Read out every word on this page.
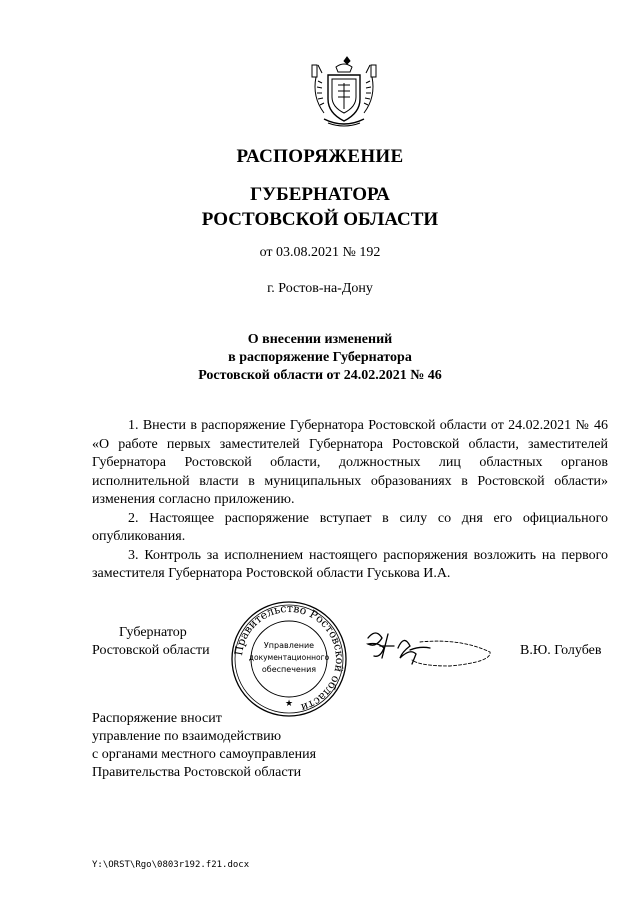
РАСПОРЯЖЕНИЕ
ГУБЕРНАТОРА
РОСТОВСКОЙ ОБЛАСТИ
от 03.08.2021 № 192
г. Ростов-на-Дону
О внесении изменений
в распоряжение Губернатора
Ростовской области от 24.02.2021 № 46

1. Внести в распоряжение Губернатора Ростовской области от 24.02.2021 № 46 «О работе первых заместителей Губернатора Ростовской области, заместителей Губернатора Ростовской области, должностных лиц областных органов исполнительной власти в муниципальных образованиях в Ростовской области» изменения согласно приложению.

2. Настоящее распоряжение вступает в силу со дня его официального опубликования.

3. Контроль за исполнением настоящего распоряжения возложить на первого заместителя Губернатора Ростовской области Гуськова И.А.

Губернатор
Ростовской области Правительство Ростовской области
Управление
документационного
обеспечения
★
В.Ю. Голубев
Распоряжение вносит
управление по взаимодействию
с органами местного самоуправления
Правительства Ростовской области
Y:\ORST\Rgo\0803r192.f21.docx
